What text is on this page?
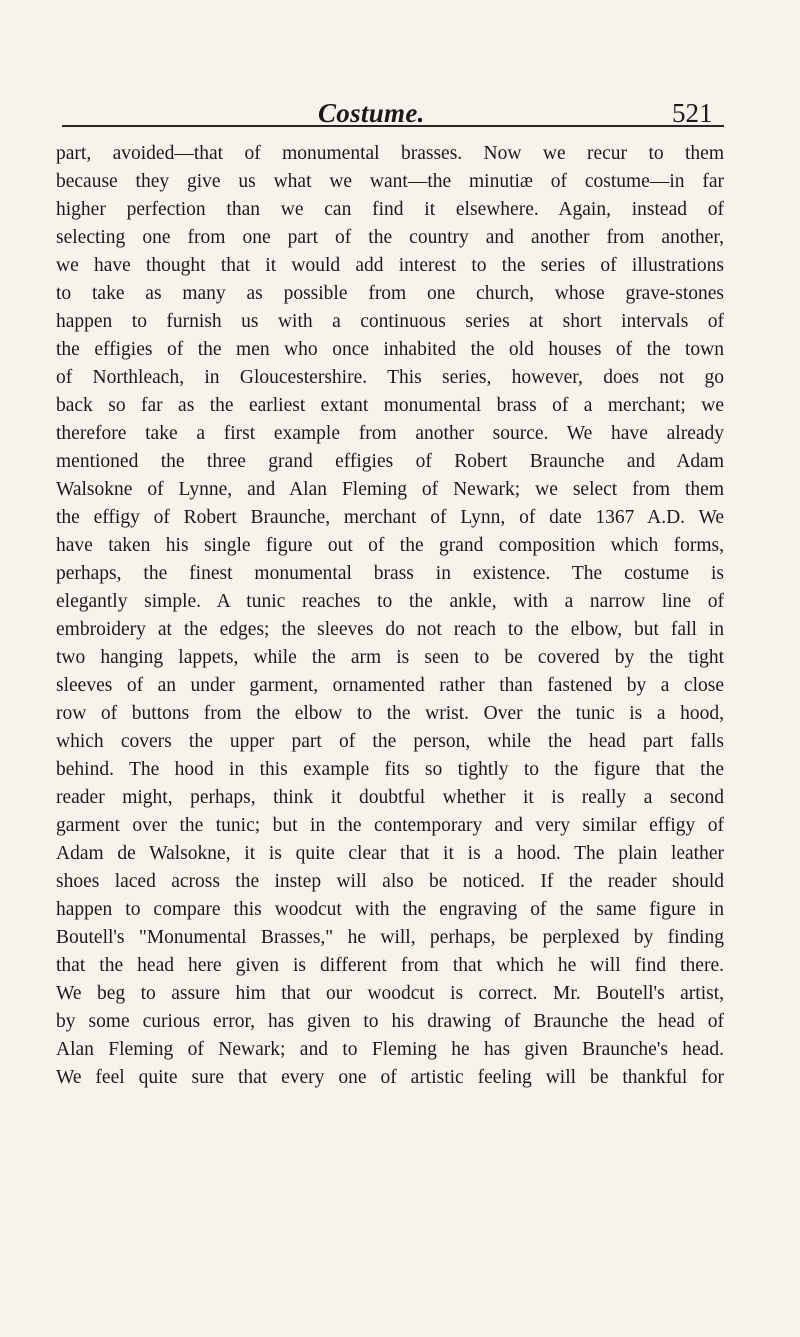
Costume.	521
part, avoided—that of monumental brasses. Now we recur to them
because they give us what we want—the minutiæ of costume—in far
higher perfection than we can find it elsewhere. Again, instead of
selecting one from one part of the country and another from another,
we have thought that it would add interest to the series of illustrations
to take as many as possible from one church, whose grave-stones
happen to furnish us with a continuous series at short intervals of
the effigies of the men who once inhabited the old houses of the town
of Northleach, in Gloucestershire. This series, however, does not go
back so far as the earliest extant monumental brass of a merchant; we
therefore take a first example from another source. We have already
mentioned the three grand effigies of Robert Braunche and Adam
Walsokne of Lynne, and Alan Fleming of Newark; we select from them
the effigy of Robert Braunche, merchant of Lynn, of date 1367 A.D. We
have taken his single figure out of the grand composition which forms,
perhaps, the finest monumental brass in existence. The costume is
elegantly simple. A tunic reaches to the ankle, with a narrow line of
embroidery at the edges; the sleeves do not reach to the elbow, but fall in
two hanging lappets, while the arm is seen to be covered by the tight
sleeves of an under garment, ornamented rather than fastened by a close
row of buttons from the elbow to the wrist. Over the tunic is a hood,
which covers the upper part of the person, while the head part falls
behind. The hood in this example fits so tightly to the figure that the
reader might, perhaps, think it doubtful whether it is really a second
garment over the tunic; but in the contemporary and very similar effigy of
Adam de Walsokne, it is quite clear that it is a hood. The plain leather
shoes laced across the instep will also be noticed. If the reader should
happen to compare this woodcut with the engraving of the same figure in
Boutell's "Monumental Brasses," he will, perhaps, be perplexed by finding
that the head here given is different from that which he will find there.
We beg to assure him that our woodcut is correct. Mr. Boutell's artist,
by some curious error, has given to his drawing of Braunche the head of
Alan Fleming of Newark; and to Fleming he has given Braunche's head.
We feel quite sure that every one of artistic feeling will be thankful for
